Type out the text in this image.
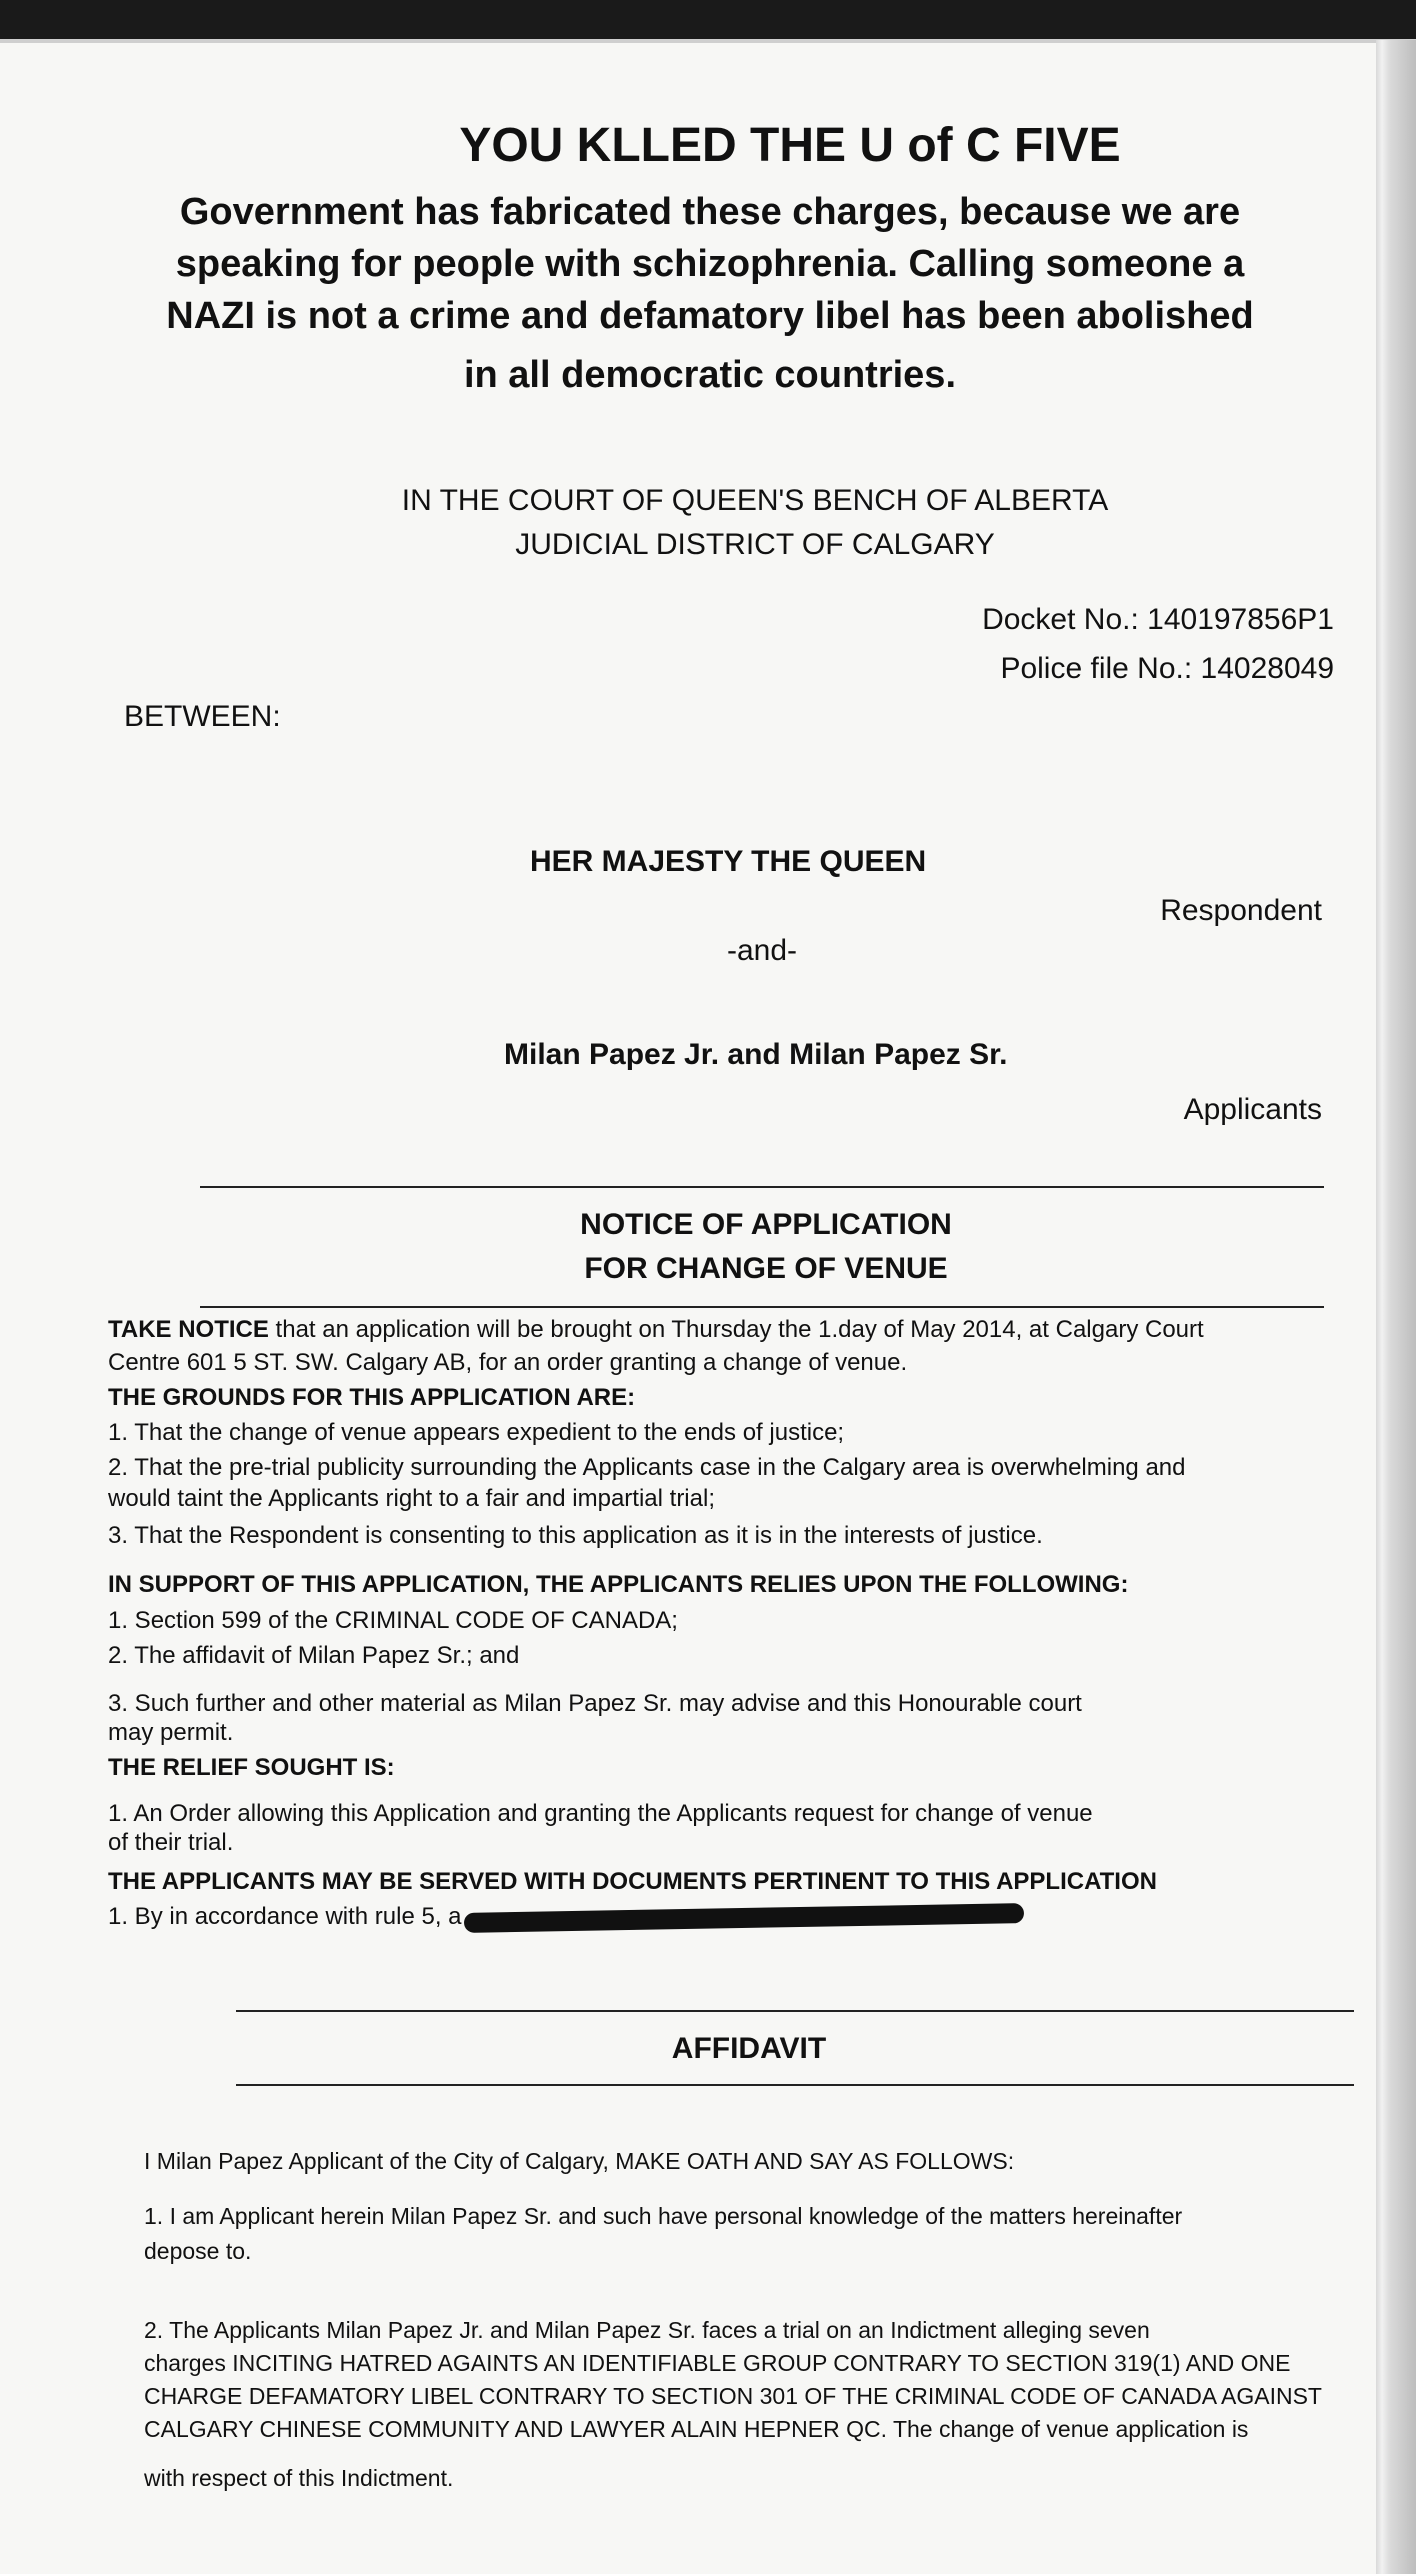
YOU KLLED THE U of C FIVE
Government has fabricated these charges, because we are
speaking for people with schizophrenia. Calling someone a
NAZI is not a crime and defamatory libel has been abolished
in all democratic countries.
IN THE COURT OF QUEEN'S BENCH OF ALBERTA
JUDICIAL DISTRICT OF CALGARY
Docket No.: 140197856P1
Police file No.: 14028049
BETWEEN:
HER MAJESTY THE QUEEN
Respondent
-and-
Milan Papez Jr. and Milan Papez Sr.
Applicants
NOTICE OF APPLICATION
FOR CHANGE OF VENUE
TAKE NOTICE that an application will be brought on Thursday the 1.day of May 2014, at Calgary Court
Centre 601 5 ST. SW. Calgary AB, for an order granting a change of venue.
THE GROUNDS FOR THIS APPLICATION ARE:
1. That the change of venue appears expedient to the ends of justice;
2. That the pre-trial publicity surrounding the Applicants case in the Calgary area is overwhelming and
would taint the Applicants right to a fair and impartial trial;
3. That the Respondent is consenting to this application as it is in the interests of justice.
IN SUPPORT OF THIS APPLICATION, THE APPLICANTS RELIES UPON THE FOLLOWING:
1. Section 599 of the CRIMINAL CODE OF CANADA;
2. The affidavit of Milan Papez Sr.; and
3. Such further and other material as Milan Papez Sr. may advise and this Honourable court
may permit.
THE RELIEF SOUGHT IS:
1. An Order allowing this Application and granting the Applicants request for change of venue
of their trial.
THE APPLICANTS MAY BE SERVED WITH DOCUMENTS PERTINENT TO THIS APPLICATION
1. By in accordance with rule 5, a
AFFIDAVIT
I Milan Papez Applicant of the City of Calgary, MAKE OATH AND SAY AS FOLLOWS:
1. I am Applicant herein Milan Papez Sr. and such have personal knowledge of the matters hereinafter
depose to.
2. The Applicants Milan Papez Jr. and Milan Papez Sr. faces a trial on an Indictment alleging seven
charges INCITING HATRED AGAINTS AN IDENTIFIABLE GROUP CONTRARY TO SECTION 319(1) AND ONE
CHARGE DEFAMATORY LIBEL CONTRARY TO SECTION 301 OF THE CRIMINAL CODE OF CANADA AGAINST
CALGARY CHINESE COMMUNITY AND LAWYER ALAIN HEPNER QC. The change of venue application is
with respect of this Indictment.
